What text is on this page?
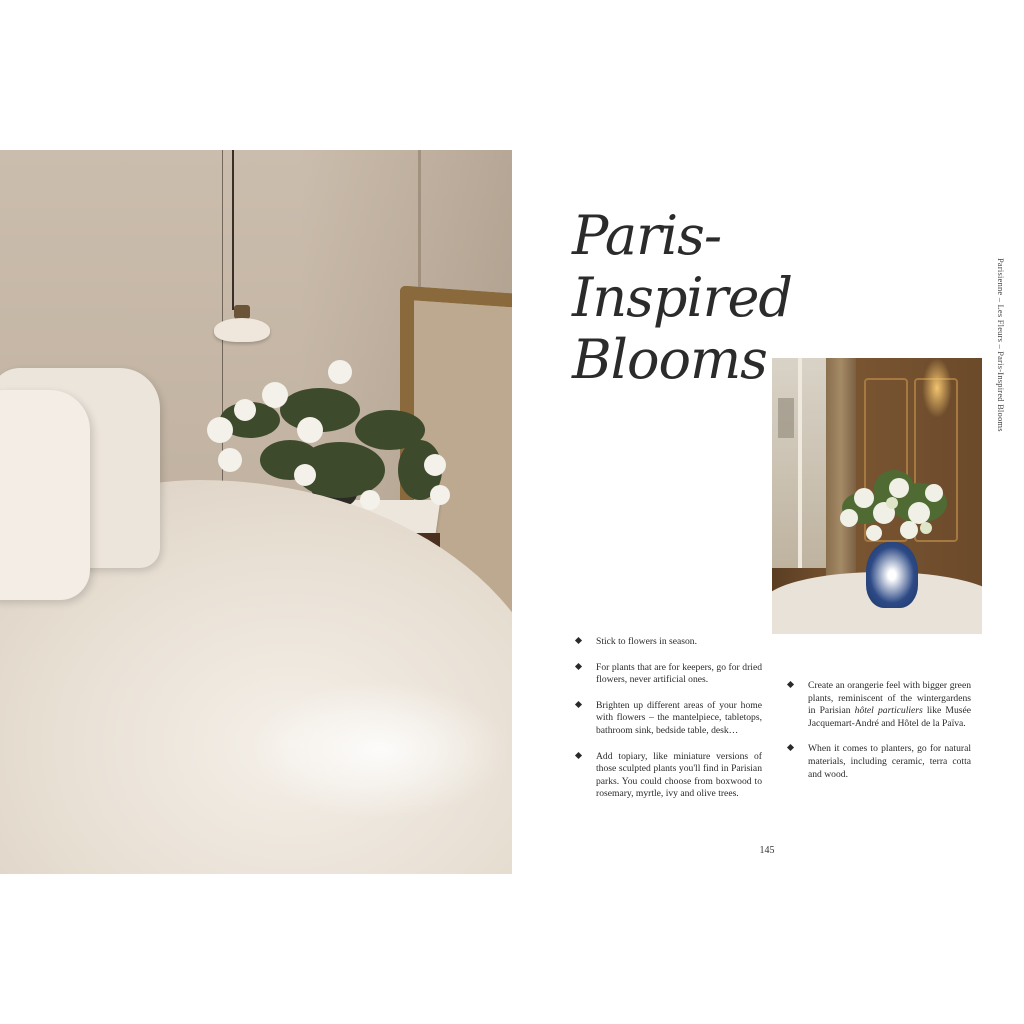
Paris-
Inspired
Blooms	Parisienne – Les Fleurs – Paris-Inspired Blooms
Stick to flowers in season.
For plants that are for keepers, go for dried flowers, never artificial ones.
Brighten up different areas of your home with flowers – the mantelpiece, tabletops, bathroom sink, bedside table, desk…
Add topiary, like miniature versions of those sculpted plants you'll find in Parisian parks. You could choose from boxwood to rosemary, myrtle, ivy and olive trees.
Create an orangerie feel with bigger green plants, reminiscent of the wintergardens in Parisian hôtel particuliers like Musée Jacquemart-André and Hôtel de la Païva.
When it comes to planters, go for natural materials, including ceramic, terra cotta and wood.
145
